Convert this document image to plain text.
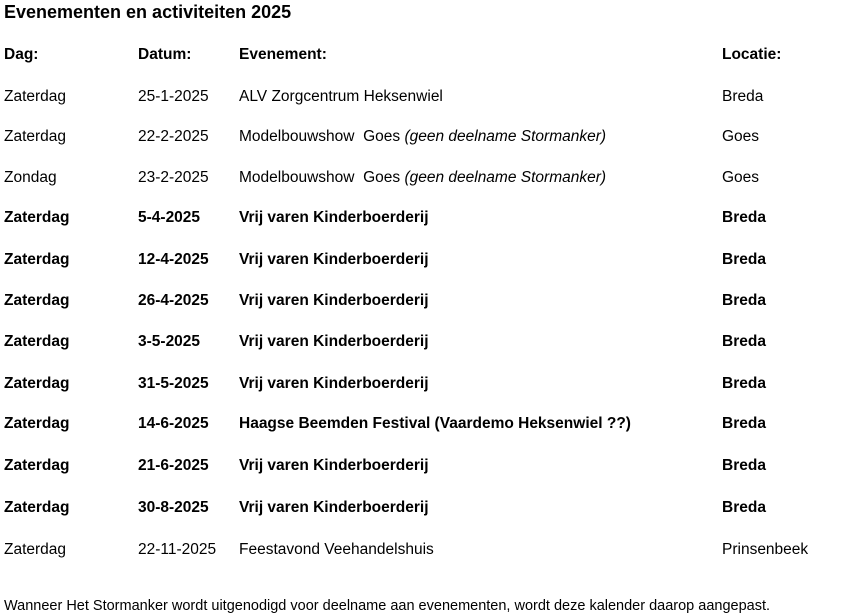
Evenementen en activiteiten 2025
Dag:	Datum:	Evenement:	Locatie:
Zaterdag	25-1-2025 ALV Zorgcentrum Heksenwiel	Breda
Zaterdag	22-2-2025 Modelbouwshow  Goes (geen deelname Stormanker)	Goes
Zondag	23-2-2025 Modelbouwshow  Goes (geen deelname Stormanker)	Goes
Zaterdag	5-4-2025	Vrij varen Kinderboerderij	Breda
Zaterdag	12-4-2025 Vrij varen Kinderboerderij	Breda
Zaterdag	26-4-2025 Vrij varen Kinderboerderij	Breda
Zaterdag	3-5-2025	Vrij varen Kinderboerderij	Breda
Zaterdag	31-5-2025 Vrij varen Kinderboerderij	Breda
Zaterdag	14-6-2025 Haagse Beemden Festival (Vaardemo Heksenwiel ??)	Breda
Zaterdag	21-6-2025 Vrij varen Kinderboerderij	Breda
Zaterdag	30-8-2025 Vrij varen Kinderboerderij	Breda
Zaterdag	22-11-2025 Feestavond Veehandelshuis	Prinsenbeek
Wanneer Het Stormanker wordt uitgenodigd voor deelname aan evenementen, wordt deze kalender daarop aangepast.
